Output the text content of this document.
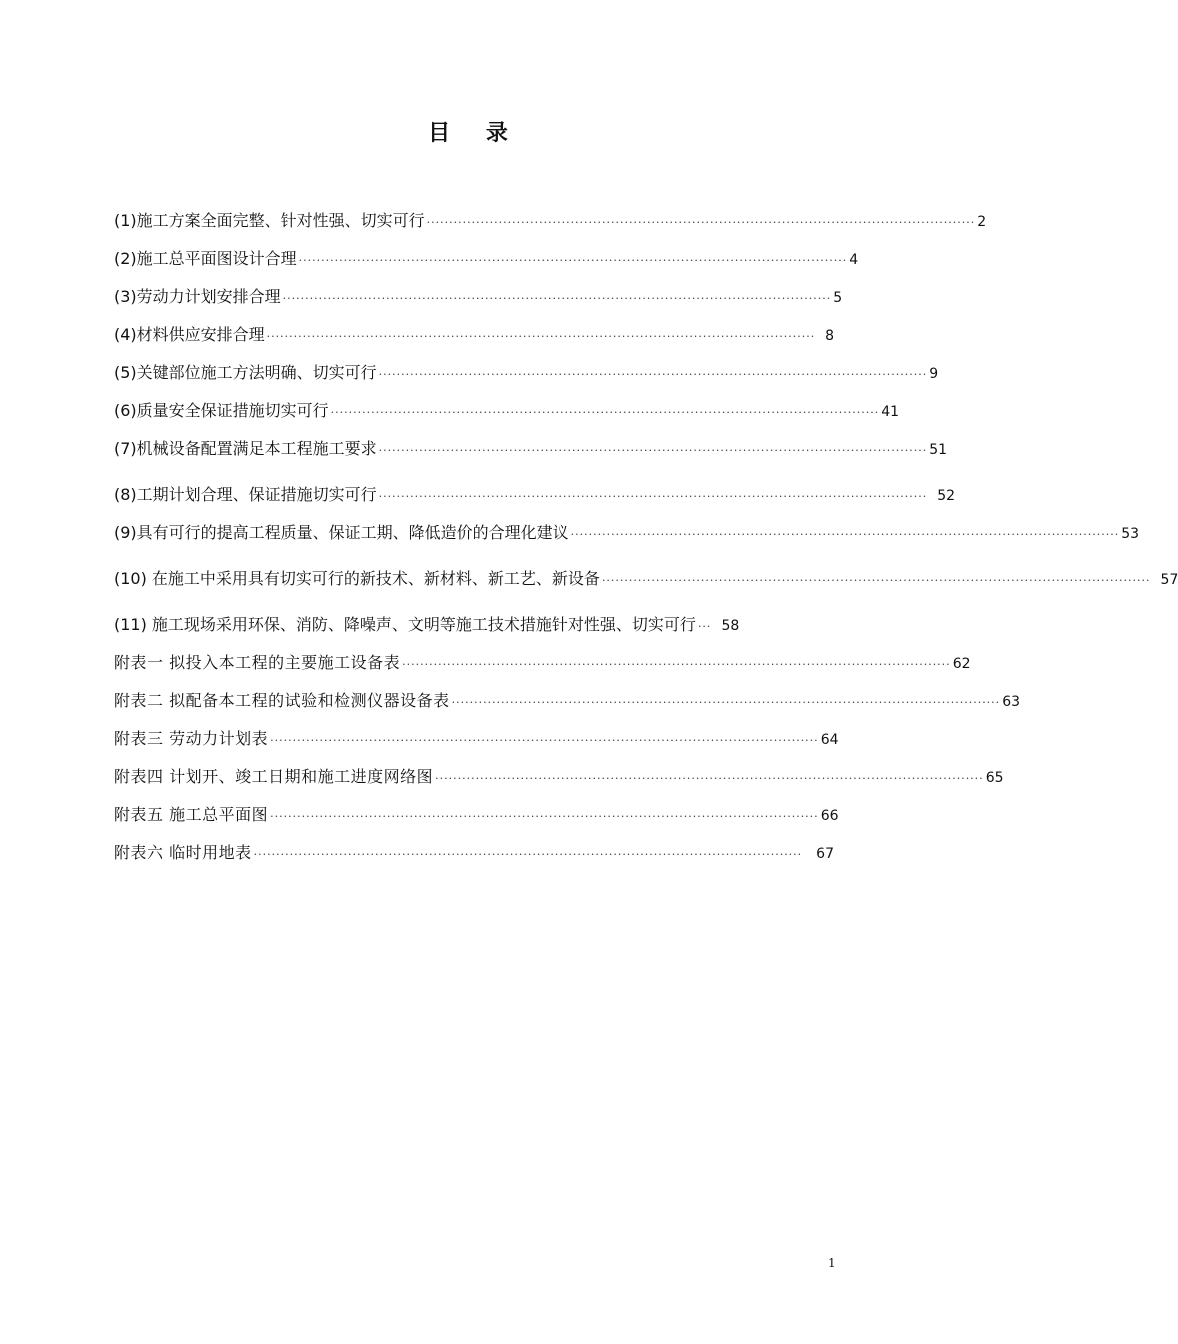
目 录
(1)施工方案全面完整、针对性强、切实可行 ·························································································································· 2
(2)施工总平面图设计合理 ·························································································································· 4
(3)劳动力计划安排合理 ·························································································································· 5
(4)材料供应安排合理 ·························································································································· 8
(5)关键部位施工方法明确、切实可行 ·························································································································· 9
(6)质量安全保证措施切实可行 ·························································································································· 41
(7)机械设备配置满足本工程施工要求 ·························································································································· 51
(8)工期计划合理、保证措施切实可行 ·························································································································· 52
(9)具有可行的提高工程质量、保证工期、降低造价的合理化建议 ·························································································································· 53
(10) 在施工中采用具有切实可行的新技术、新材料、新工艺、新设备 ·························································································································· 57
(11) 施工现场采用环保、消防、降噪声、文明等施工技术措施针对性强、切实可行 ··· 58
附表一 拟投入本工程的主要施工设备表 ·························································································································· 62
附表二 拟配备本工程的试验和检测仪器设备表 ·························································································································· 63
附表三 劳动力计划表 ·························································································································· 64
附表四 计划开、竣工日期和施工进度网络图 ·························································································································· 65
附表五 施工总平面图 ·························································································································· 66
附表六 临时用地表 ·························································································································· 67
1
